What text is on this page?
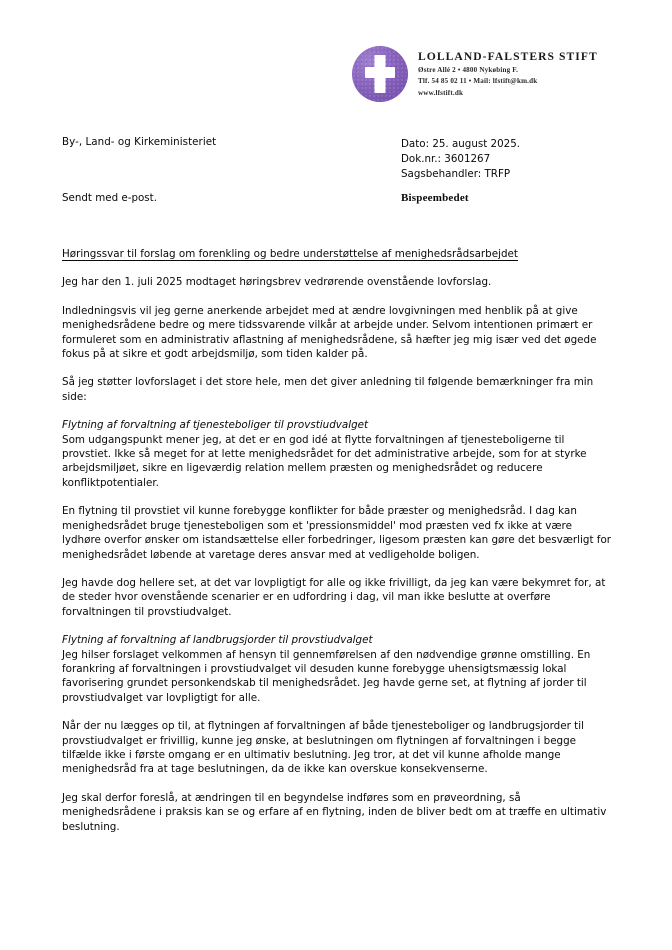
LOLLAND-FALSTERS STIFT
Østre Allé 2 • 4800 Nykøbing F.
Tlf. 54 85 02 11 • Mail: lfstift@km.dk
www.lfstift.dk
By-, Land- og Kirkeministeriet
Sendt med e-post.
Dato: 25. august 2025.
Dok.nr.: 3601267
Sagsbehandler: TRFP
Bispeembedet
Høringssvar til forslag om forenkling og bedre understøttelse af menighedsrådsarbejdet

Jeg har den 1. juli 2025 modtaget høringsbrev vedrørende ovenstående lovforslag.

Indledningsvis vil jeg gerne anerkende arbejdet med at ændre lovgivningen med henblik på at give menighedsrådene bedre og mere tidssvarende vilkår at arbejde under. Selvom intentionen primært er formuleret som en administrativ aflastning af menighedsrådene, så hæfter jeg mig især ved det øgede fokus på at sikre et godt arbejdsmiljø, som tiden kalder på.

Så jeg støtter lovforslaget i det store hele, men det giver anledning til følgende bemærkninger fra min side:

Flytning af forvaltning af tjenesteboliger til provstiudvalget

Som udgangspunkt mener jeg, at det er en god idé at flytte forvaltningen af tjenesteboligerne til provstiet. Ikke så meget for at lette menighedsrådet for det administrative arbejde, som for at styrke arbejdsmiljøet, sikre en ligeværdig relation mellem præsten og menighedsrådet og reducere konfliktpotentialer.

En flytning til provstiet vil kunne forebygge konflikter for både præster og menighedsråd. I dag kan menighedsrådet bruge tjenesteboligen som et 'pressionsmiddel' mod præsten ved fx ikke at være lydhøre overfor ønsker om istandsættelse eller forbedringer, ligesom præsten kan gøre det besværligt for menighedsrådet løbende at varetage deres ansvar med at vedligeholde boligen.

Jeg havde dog hellere set, at det var lovpligtigt for alle og ikke frivilligt, da jeg kan være bekymret for, at de steder hvor ovenstående scenarier er en udfordring i dag, vil man ikke beslutte at overføre forvaltningen til provstiudvalget.

Flytning af forvaltning af landbrugsjorder til provstiudvalget

Jeg hilser forslaget velkommen af hensyn til gennemførelsen af den nødvendige grønne omstilling. En forankring af forvaltningen i provstiudvalget vil desuden kunne forebygge uhensigtsmæssig lokal favorisering grundet personkendskab til menighedsrådet. Jeg havde gerne set, at flytning af jorder til provstiudvalget var lovpligtigt for alle.

Når der nu lægges op til, at flytningen af forvaltningen af både tjenesteboliger og landbrugsjorder til provstiudvalget er frivillig, kunne jeg ønske, at beslutningen om flytningen af forvaltningen i begge tilfælde ikke i første omgang er en ultimativ beslutning. Jeg tror, at det vil kunne afholde mange menighedsråd fra at tage beslutningen, da de ikke kan overskue konsekvenserne.

Jeg skal derfor foreslå, at ændringen til en begyndelse indføres som en prøveordning, så menighedsrådene i praksis kan se og erfare af en flytning, inden de bliver bedt om at træffe en ultimativ beslutning.
